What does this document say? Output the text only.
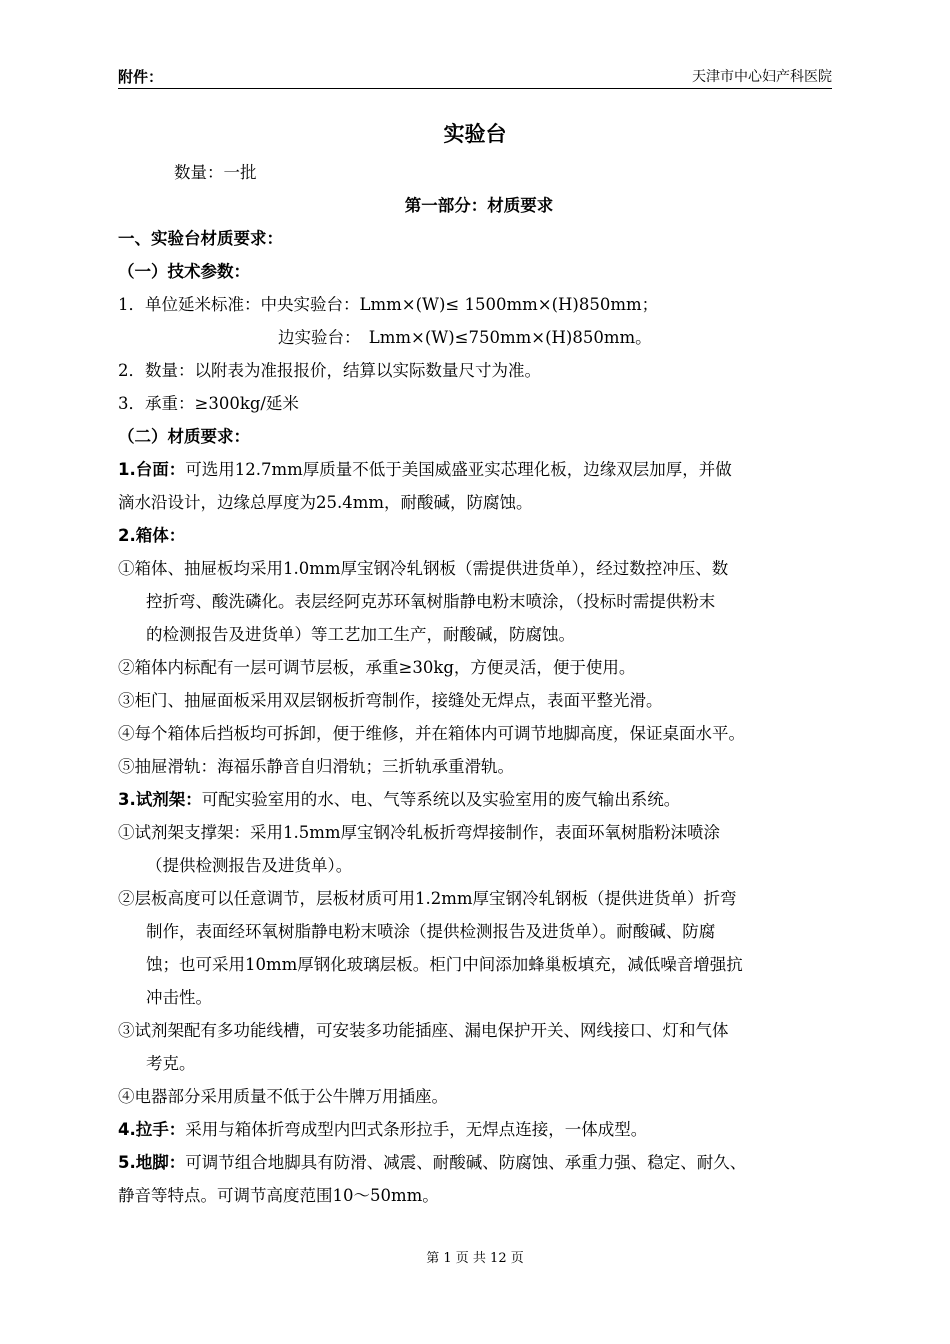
附件：	天津市中心妇产科医院
实验台
数量：一批
第一部分：材质要求
一、实验台材质要求：
（一）技术参数：
1．单位延米标准：中央实验台：Lmm×(W)≤ 1500mm×(H)850mm；
边实验台：　Lmm×(W)≤750mm×(H)850mm。
2．数量：以附表为准报报价，结算以实际数量尺寸为准。
3．承重：≥300kg/延米
（二）材质要求：
1.台面：可选用12.7mm厚质量不低于美国威盛亚实芯理化板，边缘双层加厚，并做
滴水沿设计，边缘总厚度为25.4mm，耐酸碱，防腐蚀。
2.箱体：
①箱体、抽屉板均采用1.0mm厚宝钢冷轧钢板（需提供进货单），经过数控冲压、数
控折弯、酸洗磷化。表层经阿克苏环氧树脂静电粉末喷涂，（投标时需提供粉末
的检测报告及进货单）等工艺加工生产，耐酸碱，防腐蚀。
②箱体内标配有一层可调节层板，承重≥30kg，方便灵活，便于使用。
③柜门、抽屉面板采用双层钢板折弯制作，接缝处无焊点，表面平整光滑。
④每个箱体后挡板均可拆卸，便于维修，并在箱体内可调节地脚高度，保证桌面水平。
⑤抽屉滑轨：海福乐静音自归滑轨；三折轨承重滑轨。
3.试剂架：可配实验室用的水、电、气等系统以及实验室用的废气输出系统。
①试剂架支撑架：采用1.5mm厚宝钢冷轧板折弯焊接制作，表面环氧树脂粉沫喷涂
（提供检测报告及进货单）。
②层板高度可以任意调节，层板材质可用1.2mm厚宝钢冷轧钢板（提供进货单）折弯
制作，表面经环氧树脂静电粉末喷涂（提供检测报告及进货单）。耐酸碱、防腐
蚀；也可采用10mm厚钢化玻璃层板。柜门中间添加蜂巢板填充，减低噪音增强抗
冲击性。
③试剂架配有多功能线槽，可安装多功能插座、漏电保护开关、网线接口、灯和气体
考克。
④电器部分采用质量不低于公牛牌万用插座。
4.拉手：采用与箱体折弯成型内凹式条形拉手，无焊点连接，一体成型。
5.地脚：可调节组合地脚具有防滑、减震、耐酸碱、防腐蚀、承重力强、稳定、耐久、
静音等特点。可调节高度范围10～50mm。
第 1 页 共 12 页
